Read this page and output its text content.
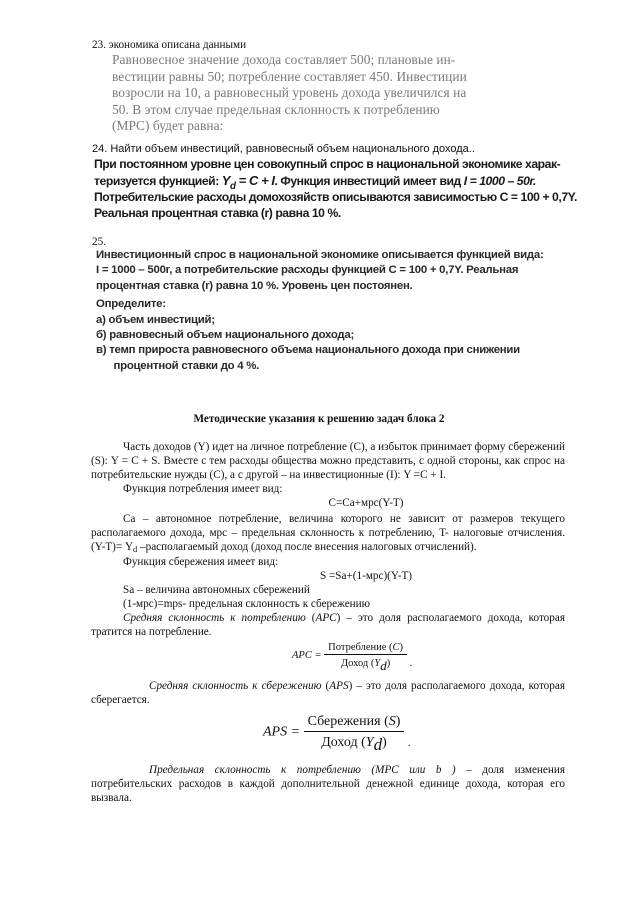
23. экономика описана данными
Равновесное значение дохода составляет 500; плановые ин-
вестиции равны 50; потребление составляет 450. Инвестиции
возросли на 10, а равновесный уровень дохода увеличился на
50. В этом случае предельная склонность к потреблению
(MPC) будет равна:
24. Найти объем инвестиций, равновесный объем национального дохода..
При постоянном уровне цен совокупный спрос в национальной экономике харак-
теризуется функцией: $Y_d = C + I$. Функция инвестиций имеет вид I = 1000 – 50r.
Потребительские расходы домохозяйств описываются зависимостью C = 100 + 0,7Y.
Реальная процентная ставка (r) равна 10 %.
25.
Инвестиционный спрос в национальной экономике описывается функцией вида:
I = 1000 – 500r, а потребительские расходы функцией C = 100 + 0,7Y. Реальная
процентная ставка (r) равна 10 %. Уровень цен постоянен.
Определите:
а) объем инвестиций;
б) равновесный объем национального дохода;
в) темп прироста равновесного объема национального дохода при снижении
процентной ставки до 4 %.
Методические указания к решению задач блока 2
Часть доходов (Y) идет на личное потребление (C), а избыток принимает форму сбережений (S): Y = C + S. Вместе с тем расходы общества можно представить, с одной стороны, как спрос на потребительские нужды (C), а с другой – на инвестиционные (I): Y =C + I.
Функция потребления имеет вид:
C=Ca+мрс(Y-T)
Ca – автономное потребление, величина которого не зависит от размеров текущего располагаемого дохода, мрс – предельная склонность к потреблению, T- налоговые отчисления. (Y-T)= Yd –располагаемый доход (доход после внесения налоговых отчислений).
Функция сбережения имеет вид:
S =Sa+(1-мрс)(Y-T)
Sa – величина автономных сбережений
(1-мрс)=mps- предельная склонность к сбережению
Средняя склонность к потреблению (APC) – это доля располагаемого дохода, которая тратится на потребление.
APC = $\frac{\text{Потребление (C)}}{\text{Доход (Yd)}}$ .
Средняя склонность к сбережению (APS) – это доля располагаемого дохода, которая сберегается.
APS = $\frac{\text{Сбережения (S)}}{\text{Доход (Yd)}}$ .
Предельная склонность к потреблению (MPC или b ) – доля изменения потребительских расходов в каждой дополнительной денежной единице дохода, которая его вызвала.
